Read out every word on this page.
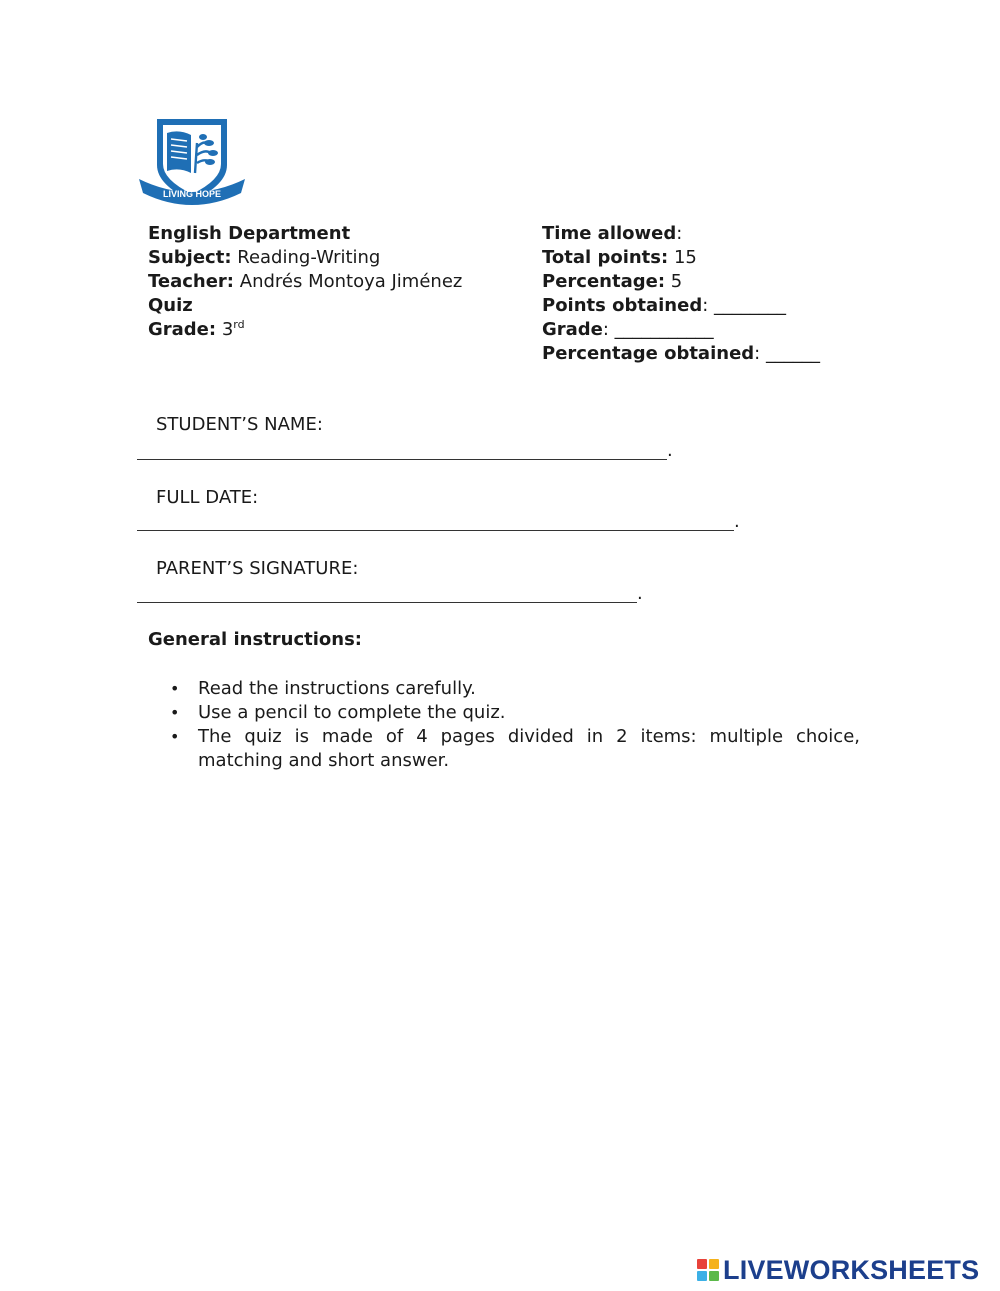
LIVING HOPE
English Department
Subject: Reading-Writing
Teacher: Andrés Montoya Jiménez
Quiz
Grade: 3rd
Time allowed:
Total points: 15
Percentage: 5
Points obtained: ________
Grade: ___________
Percentage obtained: ______
STUDENT’S NAME:
.
FULL DATE:
.
PARENT’S SIGNATURE:
.
General instructions:
• Read the instructions carefully.
• Use a pencil to complete the quiz.
• The quiz is made of 4 pages divided in 2 items: multiple choice, matching and short answer.
LIVEWORKSHEETS
